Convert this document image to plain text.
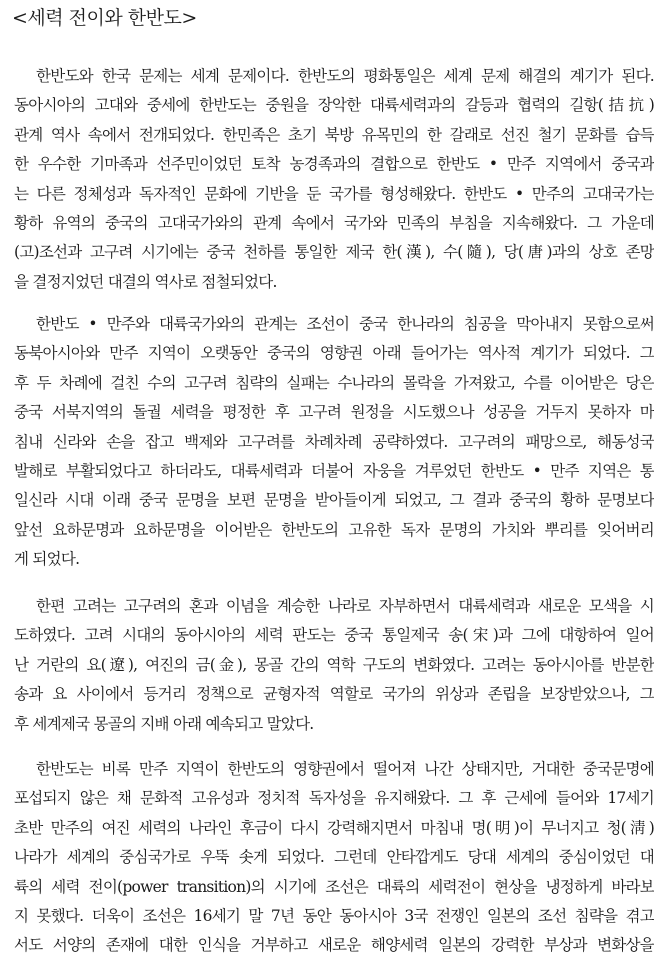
<세력 전이와 한반도>
한반도와 한국 문제는 세계 문제이다. 한반도의 평화통일은 세계 문제 해결의 계기가 된다.
동아시아의 고대와 중세에 한반도는 중원을 장악한 대륙세력과의 갈등과 협력의 길항(拮抗)
관계 역사 속에서 전개되었다. 한민족은 초기 북방 유목민의 한 갈래로 선진 철기 문화를 습득
한 우수한 기마족과 선주민이었던 토착 농경족과의 결합으로 한반도 • 만주 지역에서 중국과
는 다른 정체성과 독자적인 문화에 기반을 둔 국가를 형성해왔다. 한반도 • 만주의 고대국가는
황하 유역의 중국의 고대국가와의 관계 속에서 국가와 민족의 부침을 지속해왔다. 그 가운데
(고)조선과 고구려 시기에는 중국 천하를 통일한 제국 한(漢), 수(隨), 당(唐)과의 상호 존망
을 결정지었던 대결의 역사로 점철되었다.
한반도 • 만주와 대륙국가와의 관계는 조선이 중국 한나라의 침공을 막아내지 못함으로써
동북아시아와 만주 지역이 오랫동안 중국의 영향권 아래 들어가는 역사적 계기가 되었다. 그
후 두 차례에 걸친 수의 고구려 침략의 실패는 수나라의 몰락을 가져왔고, 수를 이어받은 당은
중국 서북지역의 돌궐 세력을 평정한 후 고구려 원정을 시도했으나 성공을 거두지 못하자 마
침내 신라와 손을 잡고 백제와 고구려를 차례차례 공략하였다. 고구려의 패망으로, 해동성국
발해로 부활되었다고 하더라도, 대륙세력과 더불어 자웅을 겨루었던 한반도 • 만주 지역은 통
일신라 시대 이래 중국 문명을 보편 문명을 받아들이게 되었고, 그 결과 중국의 황하 문명보다
앞선 요하문명과 요하문명을 이어받은 한반도의 고유한 독자 문명의 가치와 뿌리를 잊어버리
게 되었다.
한편 고려는 고구려의 혼과 이념을 계승한 나라로 자부하면서 대륙세력과 새로운 모색을 시
도하였다. 고려 시대의 동아시아의 세력 판도는 중국 통일제국 송(宋)과 그에 대항하여 일어
난 거란의 요(遼), 여진의 금(金), 몽골 간의 역학 구도의 변화였다. 고려는 동아시아를 반분한
송과 요 사이에서 등거리 정책으로 균형자적 역할로 국가의 위상과 존립을 보장받았으나, 그
후 세계제국 몽골의 지배 아래 예속되고 말았다.
한반도는 비록 만주 지역이 한반도의 영향권에서 떨어져 나간 상태지만, 거대한 중국문명에
포섭되지 않은 채 문화적 고유성과 정치적 독자성을 유지해왔다. 그 후 근세에 들어와 17세기
초반 만주의 여진 세력의 나라인 후금이 다시 강력해지면서 마침내 명(明)이 무너지고 청(淸)
나라가 세계의 중심국가로 우뚝 솟게 되었다. 그런데 안타깝게도 당대 세계의 중심이었던 대
륙의 세력 전이(power transition)의 시기에 조선은 대륙의 세력전이 현상을 냉정하게 바라보
지 못했다. 더욱이 조선은 16세기 말 7년 동안 동아시아 3국 전쟁인 일본의 조선 침략을 겪고
서도 서양의 존재에 대한 인식을 거부하고 새로운 해양세력 일본의 강력한 부상과 변화상을
